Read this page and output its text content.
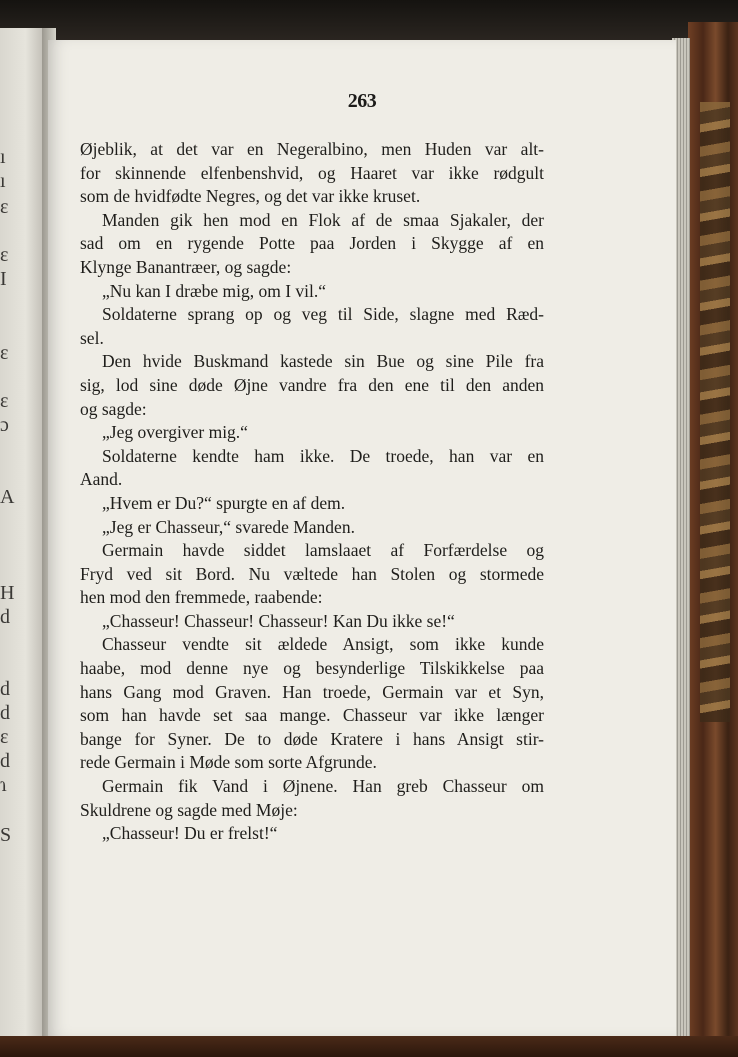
ı
ı
ɛ
ɛ
I
ɛ
ɛ
ɔ
A
H
d
d
d
ɛ
d
ɿ
S
263
Øjeblik, at det var en Negeralbino, men Huden var alt-
for skinnende elfenbenshvid, og Haaret var ikke rødgult
som de hvidfødte Negres, og det var ikke kruset.
Manden gik hen mod en Flok af de smaa Sjakaler, der
sad om en rygende Potte paa Jorden i Skygge af en
Klynge Banantræer, og sagde:
„Nu kan I dræbe mig, om I vil.“
Soldaterne sprang op og veg til Side, slagne med Ræd-
sel.
Den hvide Buskmand kastede sin Bue og sine Pile fra
sig, lod sine døde Øjne vandre fra den ene til den anden
og sagde:
„Jeg overgiver mig.“
Soldaterne kendte ham ikke. De troede, han var en
Aand.
„Hvem er Du?“ spurgte en af dem.
„Jeg er Chasseur,“ svarede Manden.
Germain havde siddet lamslaaet af Forfærdelse og
Fryd ved sit Bord. Nu væltede han Stolen og stormede
hen mod den fremmede, raabende:
„Chasseur! Chasseur! Chasseur! Kan Du ikke se!“
Chasseur vendte sit ældede Ansigt, som ikke kunde
haabe, mod denne nye og besynderlige Tilskikkelse paa
hans Gang mod Graven. Han troede, Germain var et Syn,
som han havde set saa mange. Chasseur var ikke længer
bange for Syner. De to døde Kratere i hans Ansigt stir-
rede Germain i Møde som sorte Afgrunde.
Germain fik Vand i Øjnene. Han greb Chasseur om
Skuldrene og sagde med Møje:
„Chasseur! Du er frelst!“
